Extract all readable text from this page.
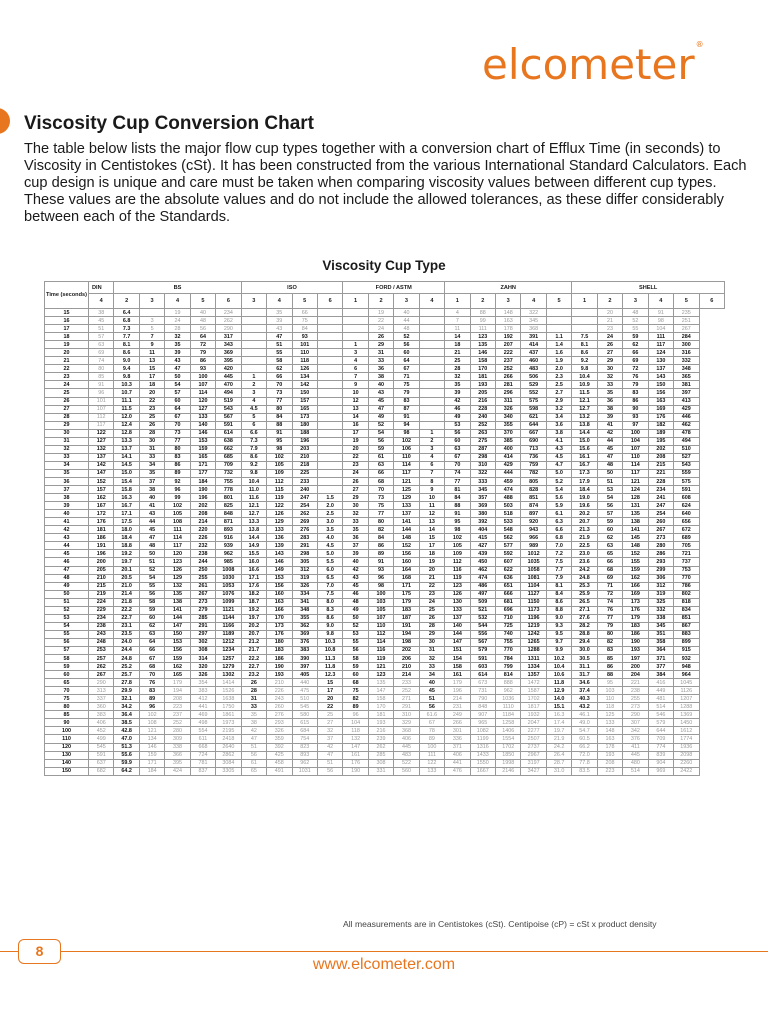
elcometer®
Viscosity Cup Conversion Chart
The table below lists the major flow cup types together with a conversion chart of Efflux Time (in seconds) to Viscosity in Centistokes (cSt). It has been constructed from the various International Standard Calculators. Each cup design is unique and care must be taken when comparing viscosity values between different cup types. These values are the absolute values and do not include the allowed tolerances, as these differ considerably between each of the Standards.
Viscosity Cup Type
Time (seconds)	DIN	BS					ISO				FORD / ASTM				ZAHN					SHELL					
	4	2	3	4	5	6	3	4	5	6	1	2	3	4	1	2	3	4	5	1	2	3	4	5	6
15	38	6.4		19	40	234		35	66			19	40		4	88	148	322			20	48	91	235	
16	45	6.8	3	24	48	262		39	75			22	44		7	99	163	345			21	52	98	251	
17	51	7.3	5	28	56	290		43	84			24	48		11	111	178	368			23	55	104	267	
18	57	7.7	7	32	64	317		47	93			26	52		14	123	192	391	1.1	7.5	24	59	111	284	
19	63	8.1	9	35	72	343		51	101		1	29	56		18	135	207	414	1.4	8.1	26	62	117	300	
20	69	8.6	11	39	79	369		55	110		3	31	60		21	146	222	437	1.6	8.6	27	66	124	316	
21	74	9.0	13	43	86	395		58	118		4	33	64		25	158	237	460	1.9	9.2	29	69	130	332	
22	80	9.4	15	47	93	420		62	126		6	36	67		28	170	252	483	2.0	9.8	30	72	137	348	
23	85	9.8	17	50	100	445	1	66	134		7	38	71		32	181	266	506	2.3	10.4	32	76	143	365	
24	91	10.3	18	54	107	470	2	70	142		9	40	75		35	193	281	529	2.5	10.9	33	79	150	381	
25	96	10.7	20	57	114	494	3	73	150		10	43	79		39	205	296	552	2.7	11.5	35	83	156	397	
26	101	11.1	22	60	120	519	4	77	157		12	45	83		42	216	311	575	2.9	12.1	36	86	163	413	
27	107	11.5	23	64	127	543	4.5	80	165		13	47	87		46	228	326	598	3.2	12.7	38	90	169	429	
28	112	12.0	25	67	133	567	5	84	173		14	49	91		49	240	340	621	3.4	13.2	39	93	176	446	
29	117	12.4	26	70	140	591	6	88	180		16	52	94		53	252	355	644	3.6	13.8	41	97	182	462	
30	122	12.8	28	73	146	614	6.6	91	188		17	54	98	1	56	263	370	667	3.8	14.4	42	100	189	478	
31	127	13.3	30	77	153	638	7.3	95	196		19	56	102	2	60	275	385	690	4.1	15.0	44	104	195	494	
32	132	13.7	31	80	159	662	7.9	98	203		20	59	106	3	63	287	400	713	4.3	15.6	45	107	202	510	
33	137	14.1	33	83	165	685	8.6	102	210		22	61	110	4	67	298	414	736	4.5	16.1	47	110	208	527	
34	142	14.5	34	86	171	709	9.2	105	218		23	63	114	6	70	310	429	759	4.7	16.7	48	114	215	543	
35	147	15.0	35	89	177	732	9.8	109	225		24	66	117	7	74	322	444	782	5.0	17.3	50	117	221	559	
36	152	15.4	37	92	184	755	10.4	112	233		26	68	121	8	77	333	459	805	5.2	17.9	51	121	228	575	
37	157	15.8	38	96	190	778	11.0	115	240		27	70	125	9	81	345	474	828	5.4	18.4	53	124	234	591	
38	162	16.3	40	99	196	801	11.6	119	247	1.5	29	73	129	10	84	357	488	851	5.6	19.0	54	128	241	608	
39	167	16.7	41	102	202	825	12.1	122	254	2.0	30	75	133	11	88	369	503	874	5.9	19.6	56	131	247	624	
40	172	17.1	43	105	208	848	12.7	126	262	2.5	32	77	137	12	91	380	518	897	6.1	20.2	57	135	254	640	
41	176	17.5	44	108	214	871	13.3	129	269	3.0	33	80	141	13	95	392	533	920	6.3	20.7	59	138	260	656	
42	181	18.0	45	111	220	893	13.8	133	276	3.5	35	82	144	14	98	404	548	943	6.6	21.3	60	141	267	672	
43	186	18.4	47	114	226	916	14.4	136	283	4.0	36	84	148	15	102	415	562	966	6.8	21.9	62	145	273	689	
44	191	18.8	48	117	232	939	14.9	139	291	4.5	37	86	152	17	105	427	577	989	7.0	22.5	63	148	280	705	
45	196	19.2	50	120	238	962	15.5	143	298	5.0	39	89	156	18	109	439	592	1012	7.2	23.0	65	152	286	721	
46	200	19.7	51	123	244	985	16.0	146	305	5.5	40	91	160	19	112	450	607	1035	7.5	23.6	66	155	293	737	
47	205	20.1	52	126	250	1008	16.6	149	312	6.0	42	93	164	20	116	462	622	1058	7.7	24.2	68	159	299	753	
48	210	20.5	54	129	255	1030	17.1	153	319	6.5	43	96	168	21	119	474	636	1081	7.9	24.8	69	162	306	770	
49	215	21.0	55	132	261	1053	17.6	156	326	7.0	45	98	171	22	123	486	651	1104	8.1	25.3	71	166	312	786	
50	219	21.4	56	135	267	1076	18.2	160	334	7.5	46	100	175	23	126	497	666	1127	8.4	25.9	72	169	319	802	
51	224	21.8	58	138	273	1099	18.7	163	341	8.0	48	103	179	24	130	509	681	1150	8.6	26.5	74	173	325	818	
52	229	22.2	59	141	279	1121	19.2	166	348	8.3	49	105	183	25	133	521	696	1173	8.8	27.1	76	176	332	834	
53	234	22.7	60	144	285	1144	19.7	170	355	8.6	50	107	187	26	137	532	710	1196	9.0	27.6	77	179	338	851	
54	238	23.1	62	147	291	1166	20.2	173	362	9.0	52	110	191	28	140	544	725	1219	9.3	28.2	79	183	345	867	
55	243	23.5	63	150	297	1189	20.7	176	369	9.8	53	112	194	29	144	556	740	1242	9.5	28.8	80	186	351	883	
56	248	24.0	64	153	302	1212	21.2	180	376	10.3	55	114	198	30	147	567	755	1265	9.7	29.4	82	190	358	899	
57	253	24.4	66	156	308	1234	21.7	183	383	10.8	56	116	202	31	151	579	770	1288	9.9	30.0	83	193	364	915	
58	257	24.8	67	159	314	1257	22.2	186	390	11.3	58	119	206	32	154	591	784	1311	10.2	30.5	85	197	371	932	
59	262	25.2	68	162	320	1279	22.7	190	397	11.8	59	121	210	33	158	603	799	1334	10.4	31.1	86	200	377	948	
60	267	25.7	70	165	326	1302	23.2	193	405	12.3	60	123	214	34	161	614	814	1357	10.6	31.7	88	204	384	964	
65	290	27.8	76	179	354	1414	26	210	440	15	68	135	233	40	179	673	888	1472	11.8	34.6	95	221	416	1045	
70	313	29.9	83	194	383	1526	28	226	475	17	75	147	252	45	196	731	962	1587	12.9	37.4	103	238	449	1126	
75	337	32.1	89	208	412	1638	31	243	510	20	82	158	271	51	214	790	1036	1702	14.0	40.3	110	255	481	1207	
80	360	34.2	96	223	441	1750	33	260	545	22	89	170	291	56	231	848	1110	1817	15.1	43.2	118	273	514	1288	
85	383	36.4	102	237	469	1861	35	276	580	25	96	181	310	61.6	249	907	1184	1932	16.3	46.1	125	290	546	1369	
90	406	38.5	108	252	498	1973	38	293	615	27	104	193	329	67	266	965	1258	2047	17.4	49.0	133	307	579	1450	
100	452	42.8	121	280	554	2195	42	326	684	32	118	216	368	78	301	1082	1406	2277	19.7	54.7	148	342	644	1612	
110	499	47.0	134	309	611	2418	47	359	754	37	132	239	406	89	336	1199	1554	2507	21.9	60.5	163	376	709	1774	
120	545	51.3	146	338	668	2640	51	392	823	42	147	262	445	100	371	1316	1702	2737	24.2	66.2	178	411	774	1936	
130	591	55.6	159	366	724	2862	56	425	893	47	161	285	483	111	406	1433	1850	2967	26.4	72.0	193	445	839	2098	
140	637	59.9	171	395	781	3084	61	458	962	51	176	308	522	122	441	1550	1998	3197	28.7	77.8	208	480	904	2260	
150	682	64.2	184	424	837	3305	65	491	1031	56	190	331	560	133	476	1667	2146	3427	31.0	83.5	223	514	969	2422	
All measurements are in Centistokes (cSt). Centipoise (cP) = cSt x product density
8
www.elcometer.com
